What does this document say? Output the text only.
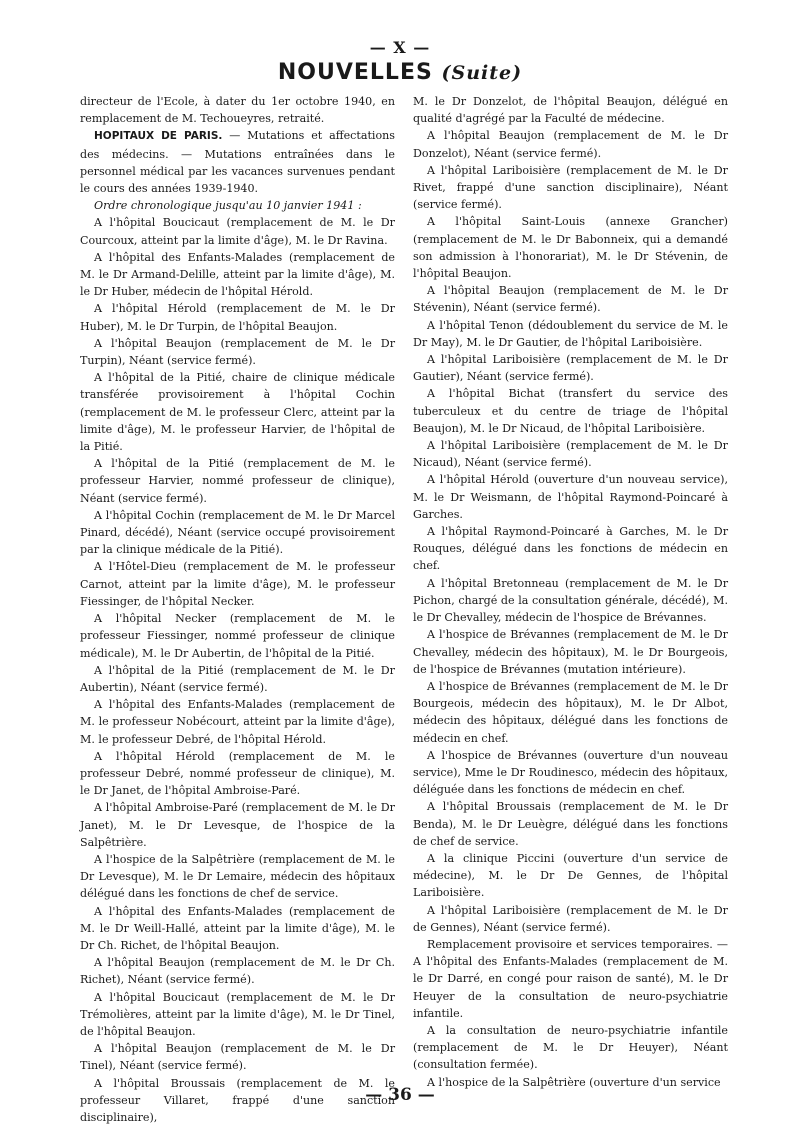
— X —
NOUVELLES (Suite)

directeur de l'Ecole, à dater du 1er octobre 1940, en remplacement de M. Techoueyres, retraité.

HOPITAUX DE PARIS. — Mutations et affectations des médecins. — Mutations entraînées dans le personnel médical par les vacances survenues pendant le cours des années 1939-1940.

Ordre chronologique jusqu'au 10 janvier 1941 :

A l'hôpital Boucicaut (remplacement de M. le Dr Courcoux, atteint par la limite d'âge), M. le Dr Ravina.

A l'hôpital des Enfants-Malades (remplacement de M. le Dr Armand-Delille, atteint par la limite d'âge), M. le Dr Huber, médecin de l'hôpital Hérold.

A l'hôpital Hérold (remplacement de M. le Dr Huber), M. le Dr Turpin, de l'hôpital Beaujon.

A l'hôpital Beaujon (remplacement de M. le Dr Turpin), Néant (service fermé).

A l'hôpital de la Pitié, chaire de clinique médicale transférée provisoirement à l'hôpital Cochin (remplacement de M. le professeur Clerc, atteint par la limite d'âge), M. le professeur Harvier, de l'hôpital de la Pitié.

A l'hôpital de la Pitié (remplacement de M. le professeur Harvier, nommé professeur de clinique), Néant (service fermé).

A l'hôpital Cochin (remplacement de M. le Dr Marcel Pinard, décédé), Néant (service occupé provisoirement par la clinique médicale de la Pitié).

A l'Hôtel-Dieu (remplacement de M. le professeur Carnot, atteint par la limite d'âge), M. le professeur Fiessinger, de l'hôpital Necker.

A l'hôpital Necker (remplacement de M. le professeur Fiessinger, nommé professeur de clinique médicale), M. le Dr Aubertin, de l'hôpital de la Pitié.

A l'hôpital de la Pitié (remplacement de M. le Dr Aubertin), Néant (service fermé).

A l'hôpital des Enfants-Malades (remplacement de M. le professeur Nobécourt, atteint par la limite d'âge), M. le professeur Debré, de l'hôpital Hérold.

A l'hôpital Hérold (remplacement de M. le professeur Debré, nommé professeur de clinique), M. le Dr Janet, de l'hôpital Ambroise-Paré.

A l'hôpital Ambroise-Paré (remplacement de M. le Dr Janet), M. le Dr Levesque, de l'hospice de la Salpêtrière.

A l'hospice de la Salpêtrière (remplacement de M. le Dr Levesque), M. le Dr Lemaire, médecin des hôpitaux délégué dans les fonctions de chef de service.

A l'hôpital des Enfants-Malades (remplacement de M. le Dr Weill-Hallé, atteint par la limite d'âge), M. le Dr Ch. Richet, de l'hôpital Beaujon.

A l'hôpital Beaujon (remplacement de M. le Dr Ch. Richet), Néant (service fermé).

A l'hôpital Boucicaut (remplacement de M. le Dr Trémolières, atteint par la limite d'âge), M. le Dr Tinel, de l'hôpital Beaujon.

A l'hôpital Beaujon (remplacement de M. le Dr Tinel), Néant (service fermé).

A l'hôpital Broussais (remplacement de M. le professeur Villaret, frappé d'une sanction disciplinaire),

M. le Dr Donzelot, de l'hôpital Beaujon, délégué en qualité d'agrégé par la Faculté de médecine.

A l'hôpital Beaujon (remplacement de M. le Dr Donzelot), Néant (service fermé).

A l'hôpital Lariboisière (remplacement de M. le Dr Rivet, frappé d'une sanction disciplinaire), Néant (service fermé).

A l'hôpital Saint-Louis (annexe Grancher) (remplacement de M. le Dr Babonneix, qui a demandé son admission à l'honorariat), M. le Dr Stévenin, de l'hôpital Beaujon.

A l'hôpital Beaujon (remplacement de M. le Dr Stévenin), Néant (service fermé).

A l'hôpital Tenon (dédoublement du service de M. le Dr May), M. le Dr Gautier, de l'hôpital Lariboisière.

A l'hôpital Lariboisière (remplacement de M. le Dr Gautier), Néant (service fermé).

A l'hôpital Bichat (transfert du service des tuberculeux et du centre de triage de l'hôpital Beaujon), M. le Dr Nicaud, de l'hôpital Lariboisière.

A l'hôpital Lariboisière (remplacement de M. le Dr Nicaud), Néant (service fermé).

A l'hôpital Hérold (ouverture d'un nouveau service), M. le Dr Weismann, de l'hôpital Raymond-Poincaré à Garches.

A l'hôpital Raymond-Poincaré à Garches, M. le Dr Rouques, délégué dans les fonctions de médecin en chef.

A l'hôpital Bretonneau (remplacement de M. le Dr Pichon, chargé de la consultation générale, décédé), M. le Dr Chevalley, médecin de l'hospice de Brévannes.

A l'hospice de Brévannes (remplacement de M. le Dr Chevalley, médecin des hôpitaux), M. le Dr Bourgeois, de l'hospice de Brévannes (mutation intérieure).

A l'hospice de Brévannes (remplacement de M. le Dr Bourgeois, médecin des hôpitaux), M. le Dr Albot, médecin des hôpitaux, délégué dans les fonctions de médecin en chef.

A l'hospice de Brévannes (ouverture d'un nouveau service), Mme le Dr Roudinesco, médecin des hôpitaux, déléguée dans les fonctions de médecin en chef.

A l'hôpital Broussais (remplacement de M. le Dr Benda), M. le Dr Leuègre, délégué dans les fonctions de chef de service.

A la clinique Piccini (ouverture d'un service de médecine), M. le Dr De Gennes, de l'hôpital Lariboisière.

A l'hôpital Lariboisière (remplacement de M. le Dr de Gennes), Néant (service fermé).

Remplacement provisoire et services temporaires. — A l'hôpital des Enfants-Malades (remplacement de M. le Dr Darré, en congé pour raison de santé), M. le Dr Heuyer de la consultation de neuro-psychiatrie infantile.

A la consultation de neuro-psychiatrie infantile (remplacement de M. le Dr Heuyer), Néant (consultation fermée).

A l'hospice de la Salpêtrière (ouverture d'un service

— 36 —
